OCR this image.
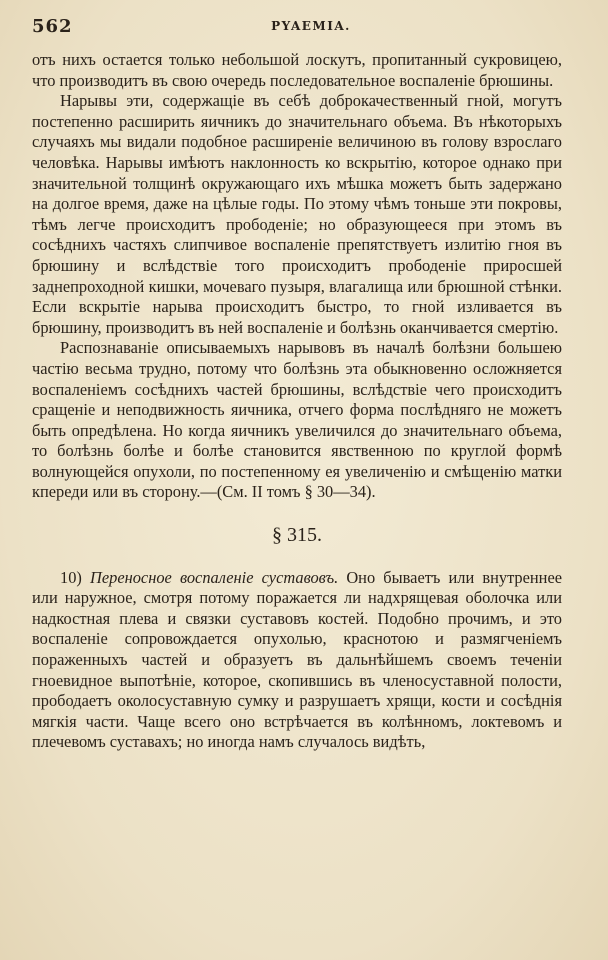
562	PYAEMIA.

отъ нихъ остается только небольшой лоскутъ, пропитанный сукровицею, что производитъ въ свою очередь последовательное воспаленіе брюшины.

Нарывы эти, содержащіе въ себѣ доброкачественный гной, могутъ постепенно расширить яичникъ до значительнаго объема. Въ нѣкоторыхъ случаяхъ мы видали подобное расширеніе величиною въ голову взрослаго человѣка. Нарывы имѣютъ наклонность ко вскрытію, которое однако при значительной толщинѣ окружающаго ихъ мѣшка можетъ быть задержано на долгое время, даже на цѣлые годы. По этому чѣмъ тоньше эти покровы, тѣмъ легче происходитъ прободеніе; но образующееся при этомъ въ сосѣднихъ частяхъ слипчивое воспаленіе препятствуетъ излитію гноя въ брюшину и вслѣдствіе того происходитъ прободеніе приросшей заднепроходной кишки, мочеваго пузыря, влагалища или брюшной стѣнки. Если вскрытіе нарыва происходитъ быстро, то гной изливается въ брюшину, производитъ въ ней воспаленіе и болѣзнь оканчивается смертію.

Распознаваніе описываемыхъ нарывовъ въ началѣ болѣзни большею частію весьма трудно, потому что болѣзнь эта обыкновенно осложняется воспаленіемъ сосѣднихъ частей брюшины, вслѣдствіе чего происходитъ сращеніе и неподвижность яичника, отчего форма послѣдняго не можетъ быть опредѣлена. Но когда яичникъ увеличился до значительнаго объема, то болѣзнь болѣе и болѣе становится явственною по круглой формѣ волнующейся опухоли, по постепенному ея увеличенію и смѣщенію матки кпереди или въ сторону.—(См. II томъ § 30—34).

§ 315.

10) Переносное воспаленіе суставовъ. Оно бываетъ или внутреннее или наружное, смотря потому поражается ли надхрящевая оболочка или надкостная плева и связки суставовъ костей. Подобно прочимъ, и это воспаленіе сопровождается опухолью, краснотою и размягченіемъ пораженныхъ частей и образуетъ въ дальнѣйшемъ своемъ теченіи гноевидное выпотѣніе, которое, скопившись въ членосуставной полости, прободаетъ околосуставную сумку и разрушаетъ хрящи, кости и сосѣднія мягкія части. Чаще всего оно встрѣчается въ колѣнномъ, локтевомъ и плечевомъ суставахъ; но иногда намъ случалось видѣть,
